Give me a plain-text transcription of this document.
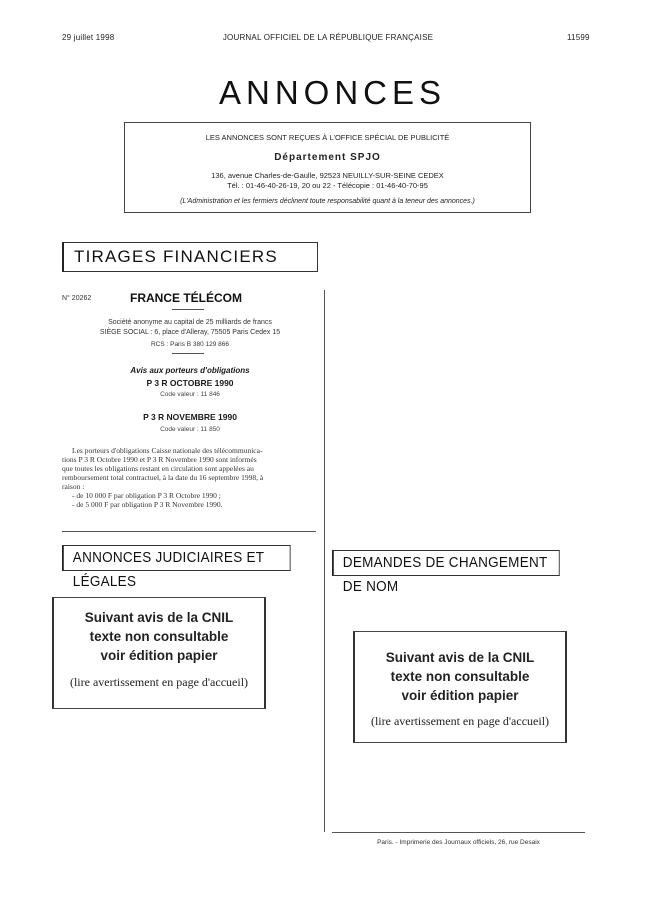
29 juillet 1998	JOURNAL OFFICIEL DE LA RÉPUBLIQUE FRANÇAISE	11599
ANNONCES
LES ANNONCES SONT REÇUES À L'OFFICE SPÉCIAL DE PUBLICITÉ
Département SPJO
136, avenue Charles-de-Gaulle, 92523 NEUILLY-SUR-SEINE CEDEX
Tél. : 01-46-40-26-19, 20 ou 22 - Télécopie : 01-46-40-70-95
(L'Administration et les fermiers déclinent toute responsabilité quant à la teneur des annonces.)
TIRAGES FINANCIERS
N° 20262	FRANCE TÉLÉCOM
Société anonyme au capital de 25 milliards de francs
SIÈGE SOCIAL : 6, place d'Alleray, 75505 Paris Cedex 15
RCS : Paris B 380 129 866
Avis aux porteurs d'obligations
P 3 R OCTOBRE 1990
Code valeur : 11 846
P 3 R NOVEMBRE 1990
Code valeur : 11 850
Les porteurs d'obligations Caisse nationale des télécommunica-
tions P 3 R Octobre 1990 et P 3 R Novembre 1990 sont informés
que toutes les obligations restant en circulation sont appelées au
remboursement total contractuel, à la date du 16 septembre 1998, à
raison :
- de 10 000 F par obligation P 3 R Octobre 1990 ;
- de 5 000 F par obligation P 3 R Novembre 1990.
ANNONCES JUDICIAIRES ET LÉGALES
DEMANDES DE CHANGEMENT DE NOM
Suivant avis de la CNIL
texte non consultable
voir édition papier
(lire avertissement en page d'accueil)
Suivant avis de la CNIL
texte non consultable
voir édition papier
(lire avertissement en page d'accueil)
Paris. - Imprimerie des Journaux officiels, 26, rue Desaix
